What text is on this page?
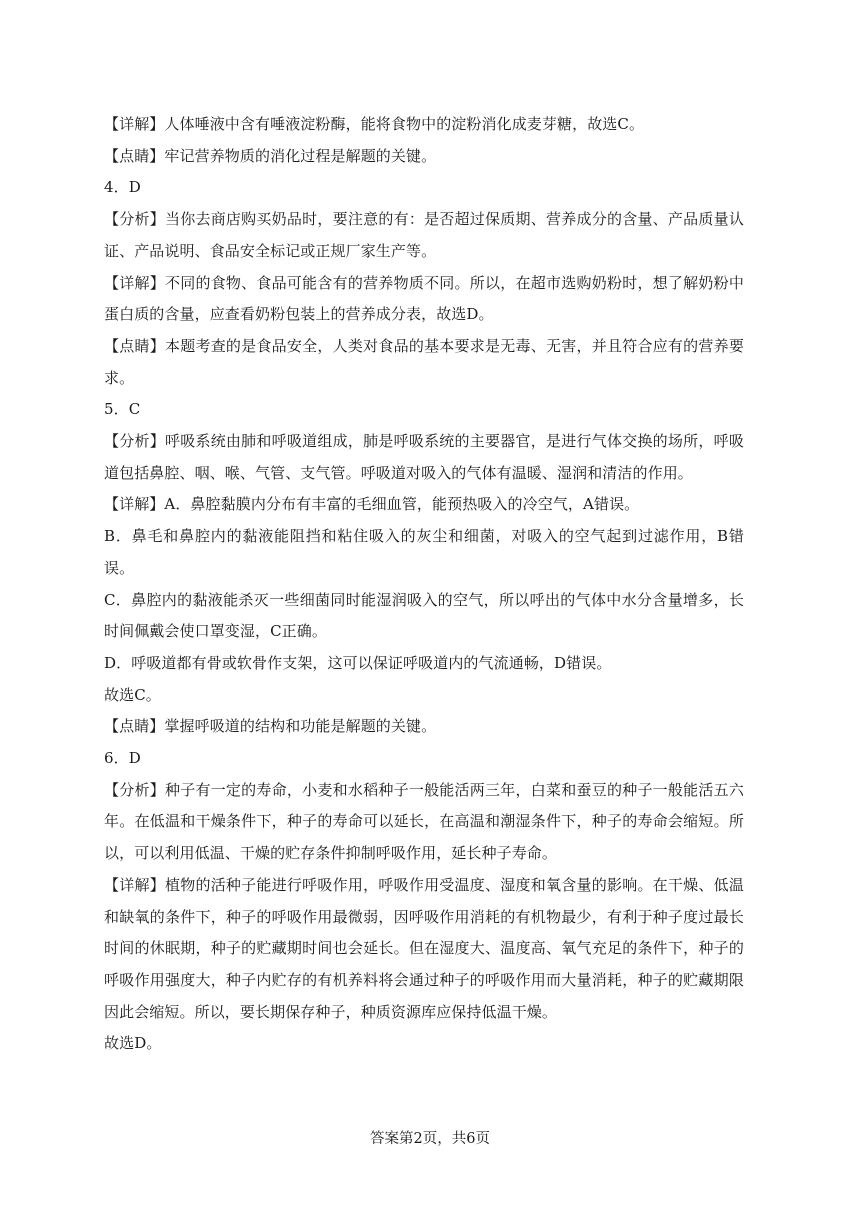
【详解】人体唾液中含有唾液淀粉酶，能将食物中的淀粉消化成麦芽糖，故选C。

【点睛】牢记营养物质的消化过程是解题的关键。

4．D

【分析】当你去商店购买奶品时，要注意的有：是否超过保质期、营养成分的含量、产品质量认证、产品说明、食品安全标记或正规厂家生产等。

【详解】不同的食物、食品可能含有的营养物质不同。所以，在超市选购奶粉时，想了解奶粉中蛋白质的含量，应查看奶粉包装上的营养成分表，故选D。

【点睛】本题考查的是食品安全，人类对食品的基本要求是无毒、无害，并且符合应有的营养要求。

5．C

【分析】呼吸系统由肺和呼吸道组成，肺是呼吸系统的主要器官，是进行气体交换的场所，呼吸道包括鼻腔、咽、喉、气管、支气管。呼吸道对吸入的气体有温暖、湿润和清洁的作用。

【详解】A．鼻腔黏膜内分布有丰富的毛细血管，能预热吸入的冷空气，A错误。

B．鼻毛和鼻腔内的黏液能阻挡和粘住吸入的灰尘和细菌，对吸入的空气起到过滤作用，B错误。

C．鼻腔内的黏液能杀灭一些细菌同时能湿润吸入的空气，所以呼出的气体中水分含量增多，长时间佩戴会使口罩变湿，C正确。

D．呼吸道都有骨或软骨作支架，这可以保证呼吸道内的气流通畅，D错误。

故选C。

【点睛】掌握呼吸道的结构和功能是解题的关键。

6．D

【分析】种子有一定的寿命，小麦和水稻种子一般能活两三年，白菜和蚕豆的种子一般能活五六年。在低温和干燥条件下，种子的寿命可以延长，在高温和潮湿条件下，种子的寿命会缩短。所以，可以利用低温、干燥的贮存条件抑制呼吸作用，延长种子寿命。

【详解】植物的活种子能进行呼吸作用，呼吸作用受温度、湿度和氧含量的影响。在干燥、低温和缺氧的条件下，种子的呼吸作用最微弱，因呼吸作用消耗的有机物最少，有利于种子度过最长时间的休眠期，种子的贮藏期时间也会延长。但在湿度大、温度高、氧气充足的条件下，种子的呼吸作用强度大，种子内贮存的有机养料将会通过种子的呼吸作用而大量消耗，种子的贮藏期限因此会缩短。所以，要长期保存种子，种质资源库应保持低温干燥。

故选D。

答案第2页，共6页
